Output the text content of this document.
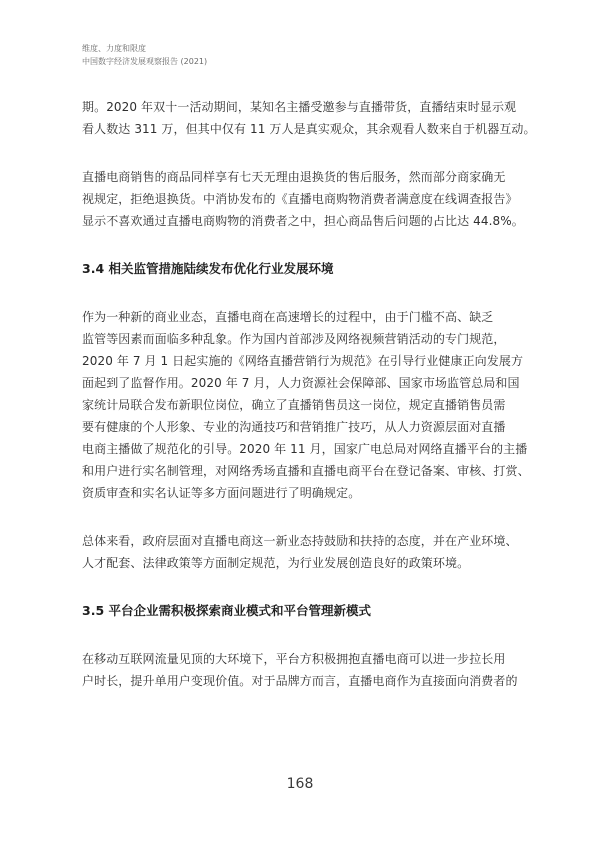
维度、力度和限度
中国数字经济发展观察报告 (2021)

期。2020 年双十一活动期间，某知名主播受邀参与直播带货，直播结束时显示观
看人数达 311 万，但其中仅有 11 万人是真实观众，其余观看人数来自于机器互动。

直播电商销售的商品同样享有七天无理由退换货的售后服务，然而部分商家确无
视规定，拒绝退换货。中消协发布的《直播电商购物消费者满意度在线调查报告》
显示不喜欢通过直播电商购物的消费者之中，担心商品售后问题的占比达 44.8%。

3.4 相关监管措施陆续发布优化行业发展环境

作为一种新的商业业态，直播电商在高速增长的过程中，由于门槛不高、缺乏
监管等因素而面临多种乱象。作为国内首部涉及网络视频营销活动的专门规范，
2020 年 7 月 1 日起实施的《网络直播营销行为规范》在引导行业健康正向发展方
面起到了监督作用。2020 年 7 月，人力资源社会保障部、国家市场监管总局和国
家统计局联合发布新职位岗位，确立了直播销售员这一岗位，规定直播销售员需
要有健康的个人形象、专业的沟通技巧和营销推广技巧，从人力资源层面对直播
电商主播做了规范化的引导。2020 年 11 月，国家广电总局对网络直播平台的主播
和用户进行实名制管理，对网络秀场直播和直播电商平台在登记备案、审核、打赏、
资质审查和实名认证等多方面问题进行了明确规定。

总体来看，政府层面对直播电商这一新业态持鼓励和扶持的态度，并在产业环境、
人才配套、法律政策等方面制定规范，为行业发展创造良好的政策环境。

3.5 平台企业需积极探索商业模式和平台管理新模式

在移动互联网流量见顶的大环境下，平台方积极拥抱直播电商可以进一步拉长用
户时长，提升单用户变现价值。对于品牌方而言，直播电商作为直接面向消费者的

168
